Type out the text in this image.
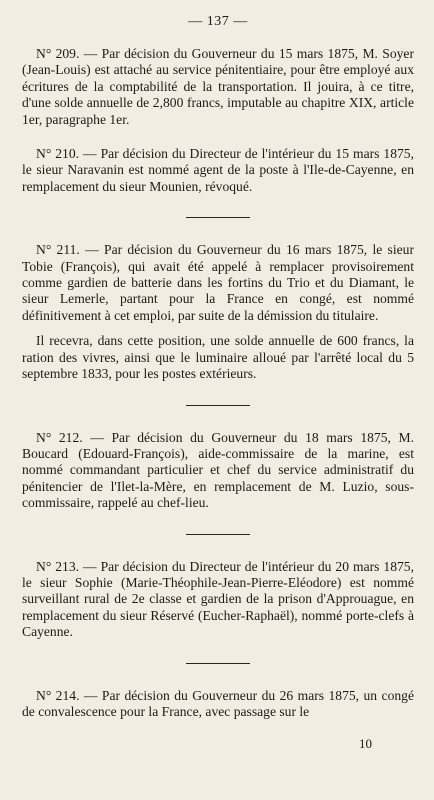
— 137 —

N° 209. — Par décision du Gouverneur du 15 mars 1875, M. Soyer (Jean-Louis) est attaché au service pénitentiaire, pour être employé aux écritures de la comptabilité de la transportation. Il jouira, à ce titre, d'une solde annuelle de 2,800 francs, imputable au chapitre XIX, article 1er, paragraphe 1er.

N° 210. — Par décision du Directeur de l'intérieur du 15 mars 1875, le sieur Naravanin est nommé agent de la poste à l'Ile-de-Cayenne, en remplacement du sieur Mounien, révoqué.

N° 211. — Par décision du Gouverneur du 16 mars 1875, le sieur Tobie (François), qui avait été appelé à remplacer provisoirement comme gardien de batterie dans les fortins du Trio et du Diamant, le sieur Lemerle, partant pour la France en congé, est nommé définitivement à cet emploi, par suite de la démission du titulaire.

Il recevra, dans cette position, une solde annuelle de 600 francs, la ration des vivres, ainsi que le luminaire alloué par l'arrêté local du 5 septembre 1833, pour les postes extérieurs.

N° 212. — Par décision du Gouverneur du 18 mars 1875, M. Boucard (Edouard-François), aide-commissaire de la marine, est nommé commandant particulier et chef du service administratif du pénitencier de l'Ilet-la-Mère, en remplacement de M. Luzio, sous-commissaire, rappelé au chef-lieu.

N° 213. — Par décision du Directeur de l'intérieur du 20 mars 1875, le sieur Sophie (Marie-Théophile-Jean-Pierre-Eléodore) est nommé surveillant rural de 2e classe et gardien de la prison d'Approuague, en remplacement du sieur Réservé (Eucher-Raphaël), nommé porte-clefs à Cayenne.

N° 214. — Par décision du Gouverneur du 26 mars 1875, un congé de convalescence pour la France, avec passage sur le

10
